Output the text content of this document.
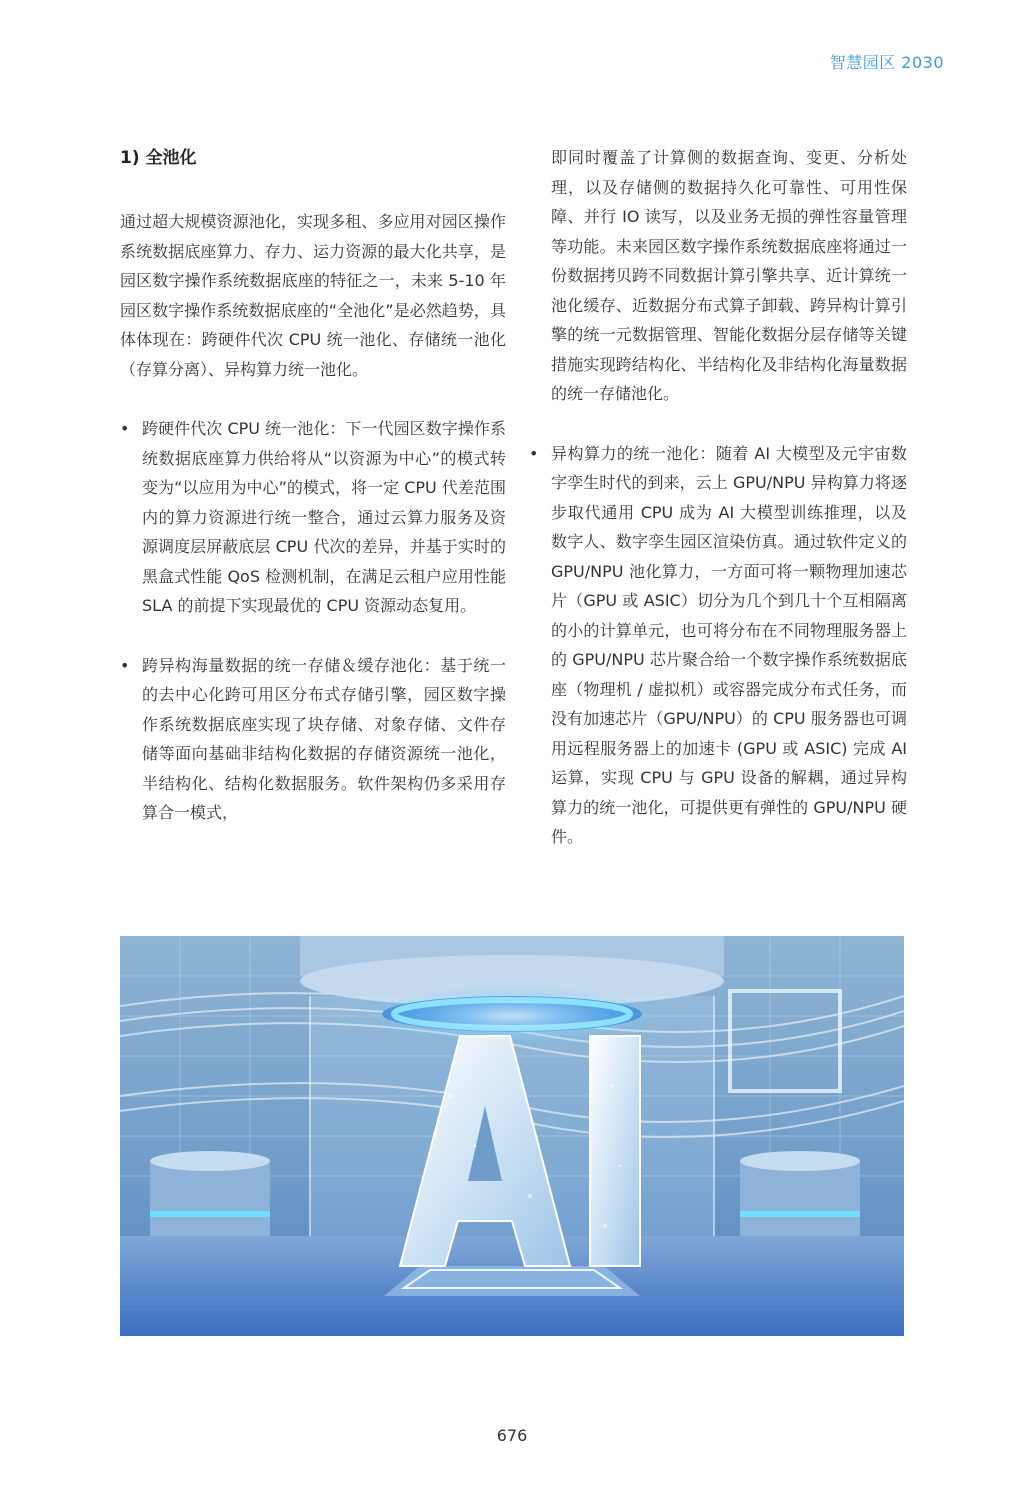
智慧园区 2030
1) 全池化

通过超大规模资源池化，实现多租、多应用对园区操作系统数据底座算力、存力、运力资源的最大化共享，是园区数字操作系统数据底座的特征之一，未来 5-10 年园区数字操作系统数据底座的“全池化”是必然趋势，具体体现在：跨硬件代次 CPU 统一池化、存储统一池化（存算分离）、异构算力统一池化。

• 跨硬件代次 CPU 统一池化：下一代园区数字操作系统数据底座算力供给将从“以资源为中心”的模式转变为“以应用为中心”的模式，将一定 CPU 代差范围内的算力资源进行统一整合，通过云算力服务及资源调度层屏蔽底层 CPU 代次的差异，并基于实时的黑盒式性能 QoS 检测机制，在满足云租户应用性能 SLA 的前提下实现最优的 CPU 资源动态复用。

• 跨异构海量数据的统一存储＆缓存池化：基于统一的去中心化跨可用区分布式存储引擎，园区数字操作系统数据底座实现了块存储、对象存储、文件存储等面向基础非结构化数据的存储资源统一池化，半结构化、结构化数据服务。软件架构仍多采用存算合一模式，

即同时覆盖了计算侧的数据查询、变更、分析处理，以及存储侧的数据持久化可靠性、可用性保障、并行 IO 读写，以及业务无损的弹性容量管理等功能。未来园区数字操作系统数据底座将通过一份数据拷贝跨不同数据计算引擎共享、近计算统一池化缓存、近数据分布式算子卸载、跨异构计算引擎的统一元数据管理、智能化数据分层存储等关键措施实现跨结构化、半结构化及非结构化海量数据的统一存储池化。

• 异构算力的统一池化：随着 AI 大模型及元宇宙数字孪生时代的到来，云上 GPU/NPU 异构算力将逐步取代通用 CPU 成为 AI 大模型训练推理，以及数字人、数字孪生园区渲染仿真。通过软件定义的 GPU/NPU 池化算力，一方面可将一颗物理加速芯片（GPU 或 ASIC）切分为几个到几十个互相隔离的小的计算单元，也可将分布在不同物理服务器上的 GPU/NPU 芯片聚合给一个数字操作系统数据底座（物理机 / 虚拟机）或容器完成分布式任务，而没有加速芯片（GPU/NPU）的 CPU 服务器也可调用远程服务器上的加速卡 (GPU 或 ASIC) 完成 AI 运算，实现 CPU 与 GPU 设备的解耦，通过异构算力的统一池化，可提供更有弹性的 GPU/NPU 硬件。

676
